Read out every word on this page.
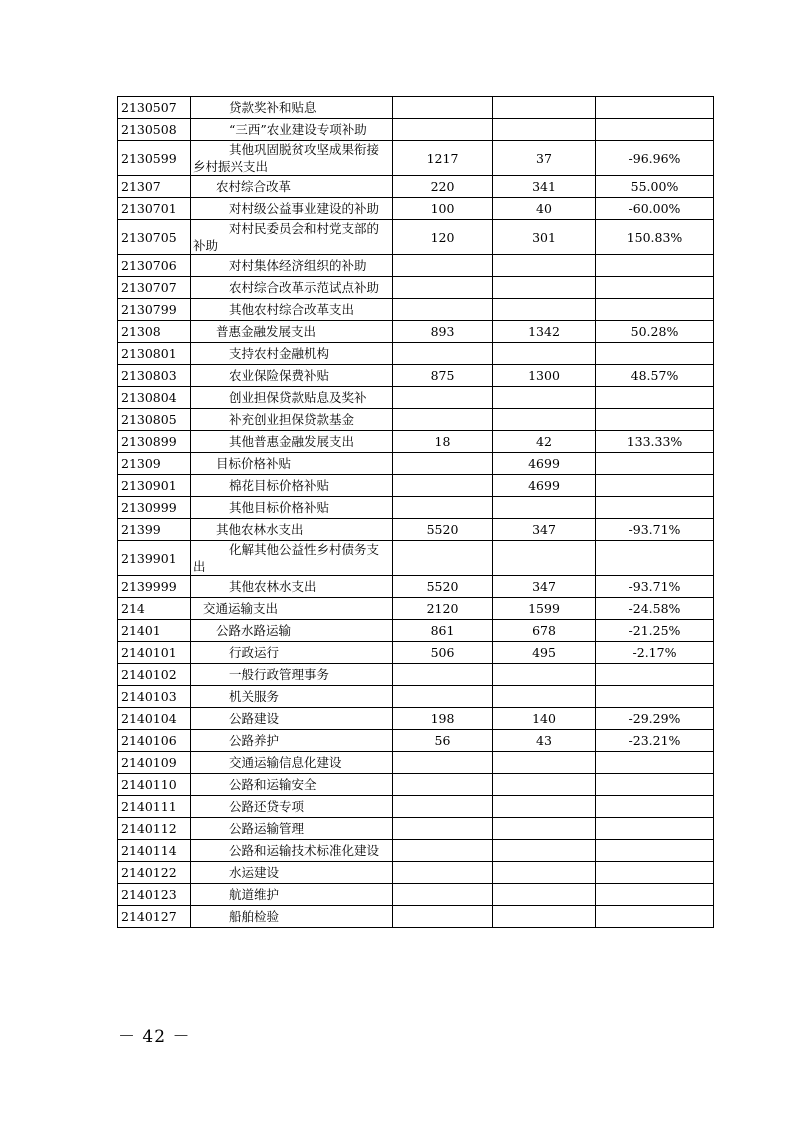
2130507	贷款奖补和贴息			
2130508	“三西”农业建设专项补助			
2130599	其他巩固脱贫攻坚成果衔接乡村振兴支出	1217	37	-96.96%
21307	农村综合改革	220	341	55.00%
2130701	对村级公益事业建设的补助	100	40	-60.00%
2130705	对村民委员会和村党支部的补助	120	301	150.83%
2130706	对村集体经济组织的补助			
2130707	农村综合改革示范试点补助			
2130799	其他农村综合改革支出			
21308	普惠金融发展支出	893	1342	50.28%
2130801	支持农村金融机构			
2130803	农业保险保费补贴	875	1300	48.57%
2130804	创业担保贷款贴息及奖补			
2130805	补充创业担保贷款基金			
2130899	其他普惠金融发展支出	18	42	133.33%
21309	目标价格补贴		4699	
2130901	棉花目标价格补贴		4699	
2130999	其他目标价格补贴			
21399	其他农林水支出	5520	347	-93.71%
2139901	化解其他公益性乡村债务支出			
2139999	其他农林水支出	5520	347	-93.71%
214	交通运输支出	2120	1599	-24.58%
21401	公路水路运输	861	678	-21.25%
2140101	行政运行	506	495	-2.17%
2140102	一般行政管理事务			
2140103	机关服务			
2140104	公路建设	198	140	-29.29%
2140106	公路养护	56	43	-23.21%
2140109	交通运输信息化建设			
2140110	公路和运输安全			
2140111	公路还贷专项			
2140112	公路运输管理			
2140114	公路和运输技术标准化建设			
2140122	水运建设			
2140123	航道维护			
2140127	船舶检验			
－ 42 －
